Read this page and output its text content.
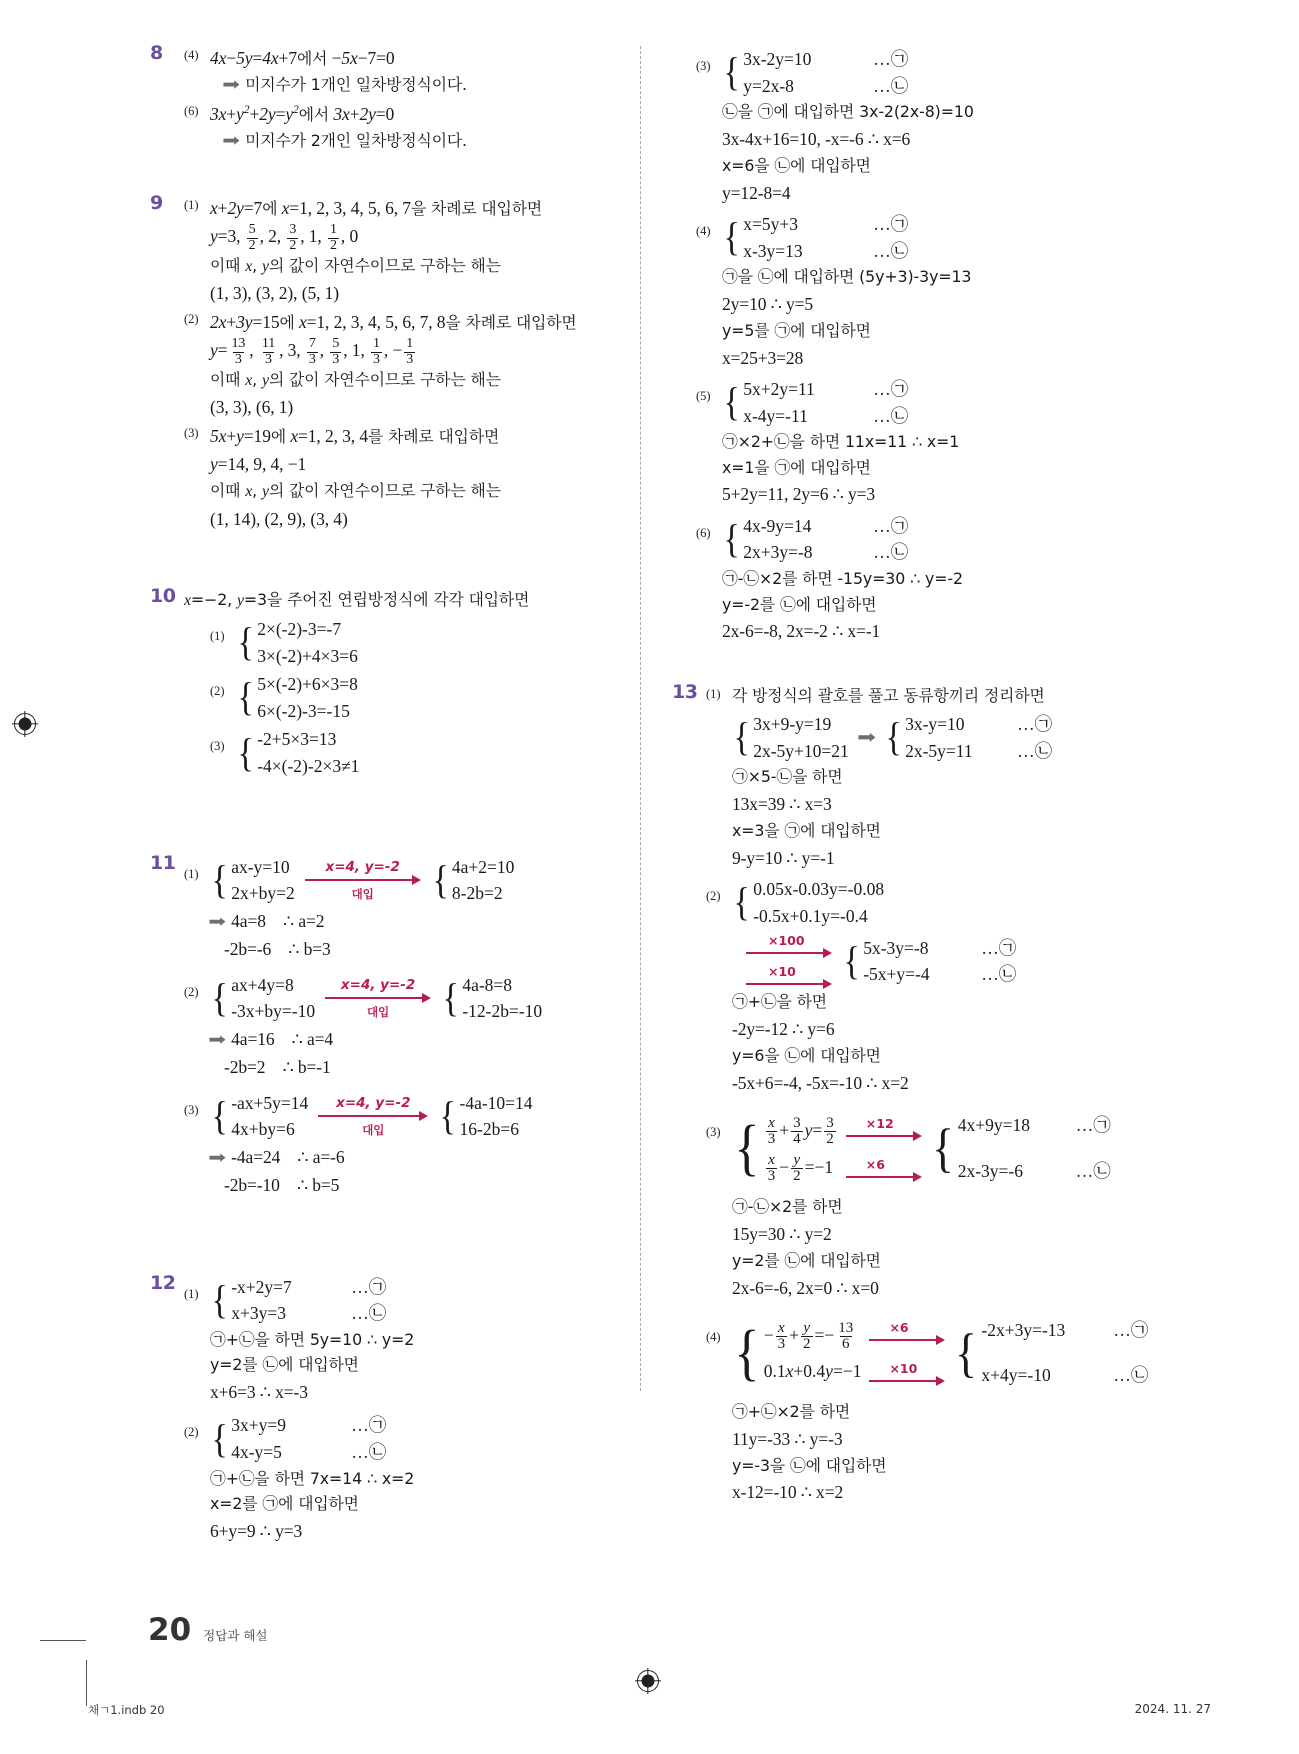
8 (4) 4x−5y=4x+7에서 −5x−7=0
➡ 미지수가 1개인 일차방정식이다.
(6) $3x+y^2+2y=y^2$에서 3x+2y=0
➡ 미지수가 2개인 일차방정식이다.
9 (1) x+2y=7에 x=1, 2, 3, 4, 5, 6, 7을 차례로 대입하면
y=3, $\frac{5}{2}$ , 2, $\frac{3}{2}$ , 1, $\frac{1}{2}$ , 0
이때 x, y의 값이 자연수이므로 구하는 해는
(1, 3), (3, 2), (5, 1)
(2) 2x+3y=15에 x=1, 2, 3, 4, 5, 6, 7, 8을 차례로 대입하면
$y= \frac{13}{3}$ , $\frac{11}{3}$ , 3, $\frac{7}{3}$ , $\frac{5}{3}$ , 1, $\frac{1}{3}$ , − $\frac{1}{3}$
이때 x, y의 값이 자연수이므로 구하는 해는
(3, 3), (6, 1)
(3) 5x+y=19에 x=1, 2, 3, 4를 차례로 대입하면
y=14, 9, 4, −1
이때 x, y의 값이 자연수이므로 구하는 해는
(1, 14), (2, 9), (3, 4)
10 x=−2, y=3을 주어진 연립방정식에 각각 대입하면
(1) { 2×(-2)-3=-7
3×(-2)+4×3=6
(2) { 5×(-2)+6×3=8
6×(-2)-3=-15
(3) { -2+5×3=13
-4×(-2)-2×3≠1
11 (1) { ax-y=10
2x+by=2
x=4, y=-2
대입 { 4a+2=10
8-2b=2
➡ 4a=8 ∴ a=2
-2b=-6 ∴ b=3
(2) { ax+4y=8
-3x+by=-10
x=4, y=-2
대입 { 4a-8=8
-12-2b=-10
➡ 4a=16 ∴ a=4
-2b=2 ∴ b=-1
(3) { -ax+5y=14
4x+by=6
x=4, y=-2
대입 { -4a-10=14
16-2b=6
➡ -4a=24 ∴ a=-6
-2b=-10 ∴ b=5
12 (1) { -x+2y=7	…㉠
x+3y=3	…㉡
㉠+㉡을 하면 5y=10 ∴ y=2
y=2를 ㉡에 대입하면
x+6=3 ∴ x=-3
(2) { 3x+y=9	…㉠
4x-y=5	…㉡
㉠+㉡을 하면 7x=14 ∴ x=2
x=2를 ㉠에 대입하면
6+y=9 ∴ y=3
(3) { 3x-2y=10	…㉠
y=2x-8	…㉡
㉡을 ㉠에 대입하면 3x-2(2x-8)=10
3x-4x+16=10, -x=-6 ∴ x=6
x=6을 ㉡에 대입하면
y=12-8=4
(4) { x=5y+3	…㉠
x-3y=13	…㉡
㉠을 ㉡에 대입하면 (5y+3)-3y=13
2y=10 ∴ y=5
y=5를 ㉠에 대입하면
x=25+3=28
(5) { 5x+2y=11	…㉠
x-4y=-11	…㉡
㉠×2+㉡을 하면 11x=11 ∴ x=1
x=1을 ㉠에 대입하면
5+2y=11, 2y=6 ∴ y=3
(6) { 4x-9y=14	…㉠
2x+3y=-8	…㉡
㉠-㉡×2를 하면 -15y=30 ∴ y=-2
y=-2를 ㉡에 대입하면
2x-6=-8, 2x=-2 ∴ x=-1
13 (1) 각 방정식의 괄호를 풀고 동류항끼리 정리하면
{ 3x+9-y=19
2x-5y+10=21
➡ { 3x-y=10	…㉠
2x-5y=11	…㉡
㉠×5-㉡을 하면
13x=39 ∴ x=3
x=3을 ㉠에 대입하면
9-y=10 ∴ y=-1
(2) { 0.05x-0.03y=-0.08
-0.5x+0.1y=-0.4
×100
×10 { 5x-3y=-8	…㉠
-5x+y=-4	…㉡
㉠+㉡을 하면
-2y=-12 ∴ y=6
y=6을 ㉡에 대입하면
-5x+6=-4, -5x=-10 ∴ x=2
(3) { $\frac{x}{3} + \frac{3}{4} y= \frac{3}{2}$
$\frac{x}{3} - \frac{y}{2} =-1$
×12
×6 { 4x+9y=18	…㉠
2x-3y=-6	…㉡
㉠-㉡×2를 하면
15y=30 ∴ y=2
y=2를 ㉡에 대입하면
2x-6=-6, 2x=0 ∴ x=0
(4) { − $\frac{x}{3} + \frac{y}{2} =- \frac{13}{6}$
0.1x+0.4y=−1
×6
×10 { -2x+3y=-13	…㉠
x+4y=-10	…㉡
㉠+㉡×2를 하면
11y=-33 ∴ y=-3
y=-3을 ㉡에 대입하면
x-12=-10 ∴ x=2
20 정답과 해설
채ㄱ1.indb 20	2024. 11. 27
